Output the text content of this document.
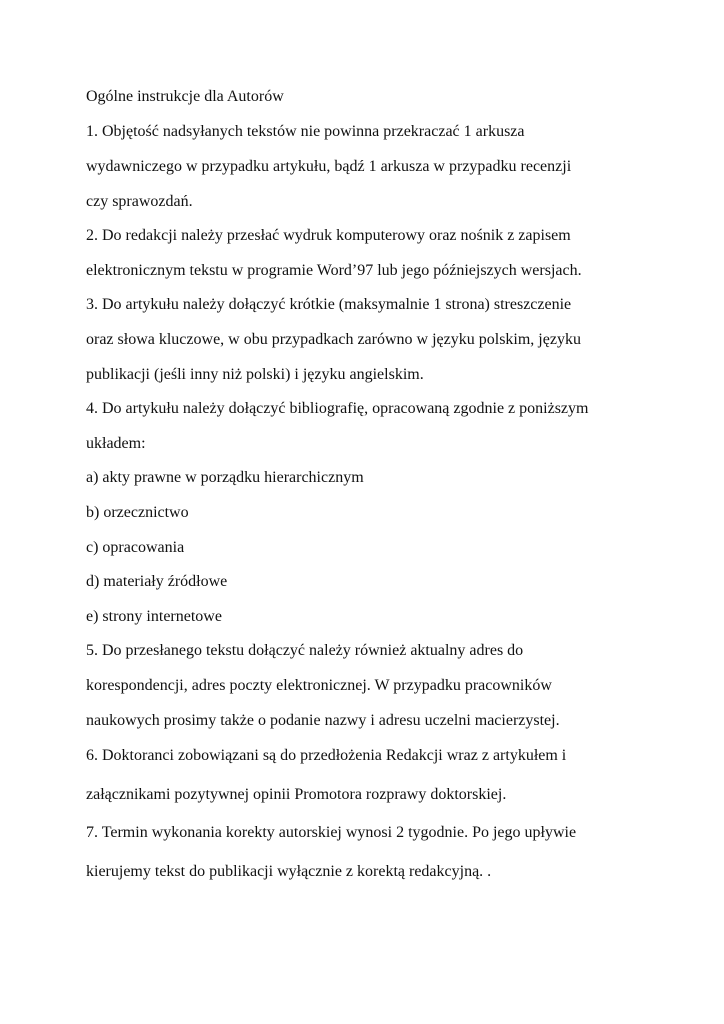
Ogólne instrukcje dla Autorów
1. Objętość nadsyłanych tekstów nie powinna przekraczać 1 arkusza
wydawniczego w przypadku artykułu, bądź 1 arkusza w przypadku recenzji
czy sprawozdań.
2. Do redakcji należy przesłać wydruk komputerowy oraz nośnik z zapisem
elektronicznym tekstu w programie Word’97 lub jego późniejszych wersjach.
3. Do artykułu należy dołączyć krótkie (maksymalnie 1 strona) streszczenie
oraz słowa kluczowe, w obu przypadkach zarówno w języku polskim, języku
publikacji (jeśli inny niż polski) i języku angielskim.
4. Do artykułu należy dołączyć bibliografię, opracowaną zgodnie z poniższym
układem:
a) akty prawne w porządku hierarchicznym
b) orzecznictwo
c) opracowania
d) materiały źródłowe
e) strony internetowe
5. Do przesłanego tekstu dołączyć należy również aktualny adres do
korespondencji, adres poczty elektronicznej. W przypadku pracowników
naukowych prosimy także o podanie nazwy i adresu uczelni macierzystej.
6. Doktoranci zobowiązani są do przedłożenia Redakcji wraz z artykułem i
załącznikami pozytywnej opinii Promotora rozprawy doktorskiej.
7. Termin wykonania korekty autorskiej wynosi 2 tygodnie. Po jego upływie
kierujemy tekst do publikacji wyłącznie z korektą redakcyjną. .
